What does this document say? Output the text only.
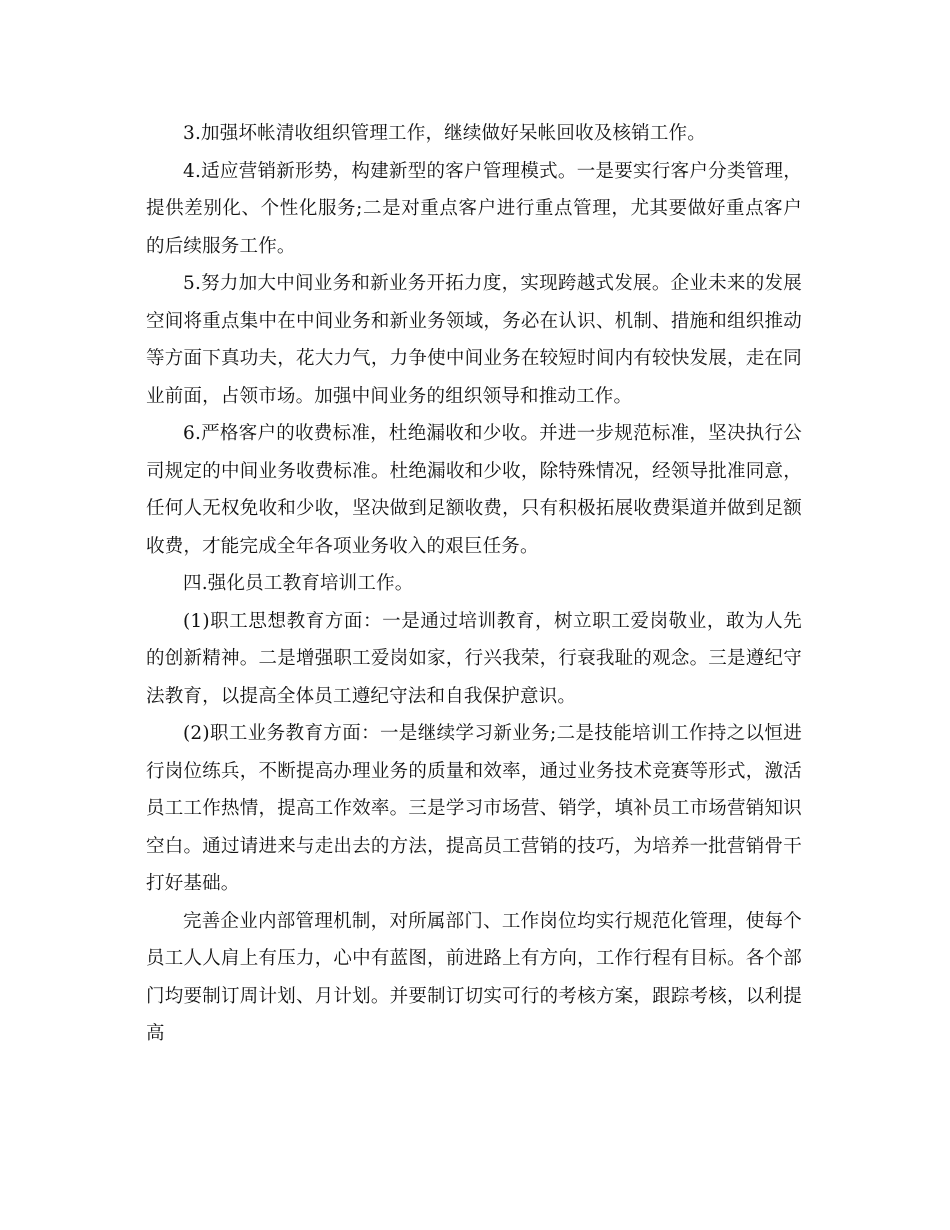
3.加强坏帐清收组织管理工作，继续做好呆帐回收及核销工作。

4.适应营销新形势，构建新型的客户管理模式。一是要实行客户分类管理，提供差别化、个性化服务;二是对重点客户进行重点管理，尤其要做好重点客户的后续服务工作。

5.努力加大中间业务和新业务开拓力度，实现跨越式发展。企业未来的发展空间将重点集中在中间业务和新业务领域，务必在认识、机制、措施和组织推动等方面下真功夫，花大力气，力争使中间业务在较短时间内有较快发展，走在同业前面，占领市场。加强中间业务的组织领导和推动工作。

6.严格客户的收费标准，杜绝漏收和少收。并进一步规范标准，坚决执行公司规定的中间业务收费标准。杜绝漏收和少收，除特殊情况，经领导批准同意，任何人无权免收和少收，坚决做到足额收费，只有积极拓展收费渠道并做到足额收费，才能完成全年各项业务收入的艰巨任务。

四.强化员工教育培训工作。

(1)职工思想教育方面：一是通过培训教育，树立职工爱岗敬业，敢为人先的创新精神。二是增强职工爱岗如家，行兴我荣，行衰我耻的观念。三是遵纪守法教育，以提高全体员工遵纪守法和自我保护意识。

(2)职工业务教育方面：一是继续学习新业务;二是技能培训工作持之以恒进行岗位练兵，不断提高办理业务的质量和效率，通过业务技术竞赛等形式，激活员工工作热情，提高工作效率。三是学习市场营、销学，填补员工市场营销知识空白。通过请进来与走出去的方法，提高员工营销的技巧，为培养一批营销骨干打好基础。

完善企业内部管理机制，对所属部门、工作岗位均实行规范化管理，使每个员工人人肩上有压力，心中有蓝图，前进路上有方向，工作行程有目标。各个部门均要制订周计划、月计划。并要制订切实可行的考核方案，跟踪考核，以利提高
